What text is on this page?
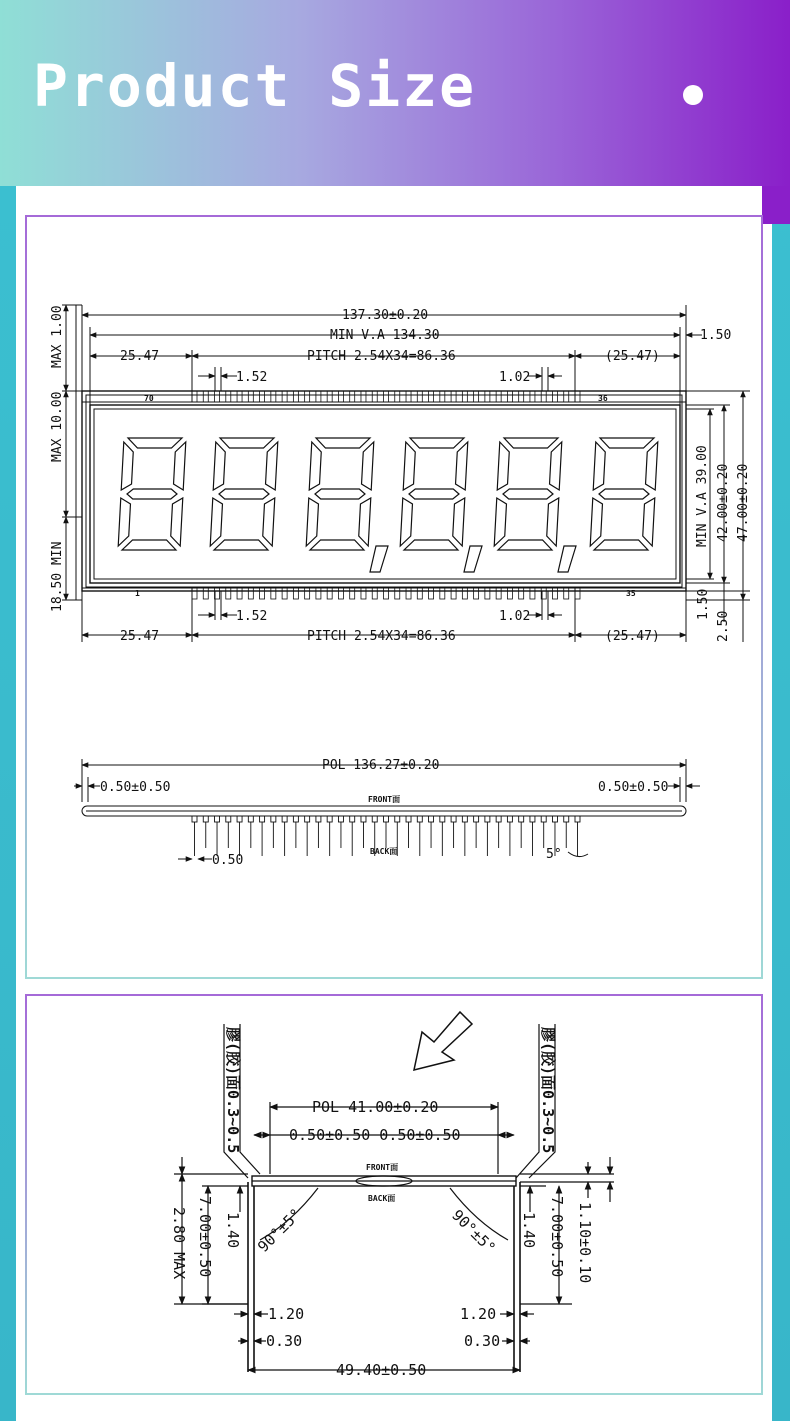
Product Size
137.30±0.20
MIN V.A 134.30	1.50
25.47	PITCH 2.54X34=86.36	(25.47)
1.52	1.02
70	36
1	35
1.52	1.02
25.47	PITCH 2.54X34=86.36	(25.47)
MAX 1.00
MAX 10.00
18.50 MIN
MIN V.A 39.00 42.00±0.20 47.00±0.20
1.50
2.50
POL 136.27±0.20
0.50±0.50	0.50±0.50
FRONT面
BACK面
0.50	5°
POL 41.00±0.20
0.50±0.50 0.50±0.50
膠(胶)面0.3~0.5	膠(胶)面0.3~0.5
FRONT面
BACK面
2.80 MAX 7.00±0.50 1.40 90°±5°	90°±5° 1.40 7.00±0.50 1.10±0.10
1.20	1.20
0.30	0.30
49.40±0.50
